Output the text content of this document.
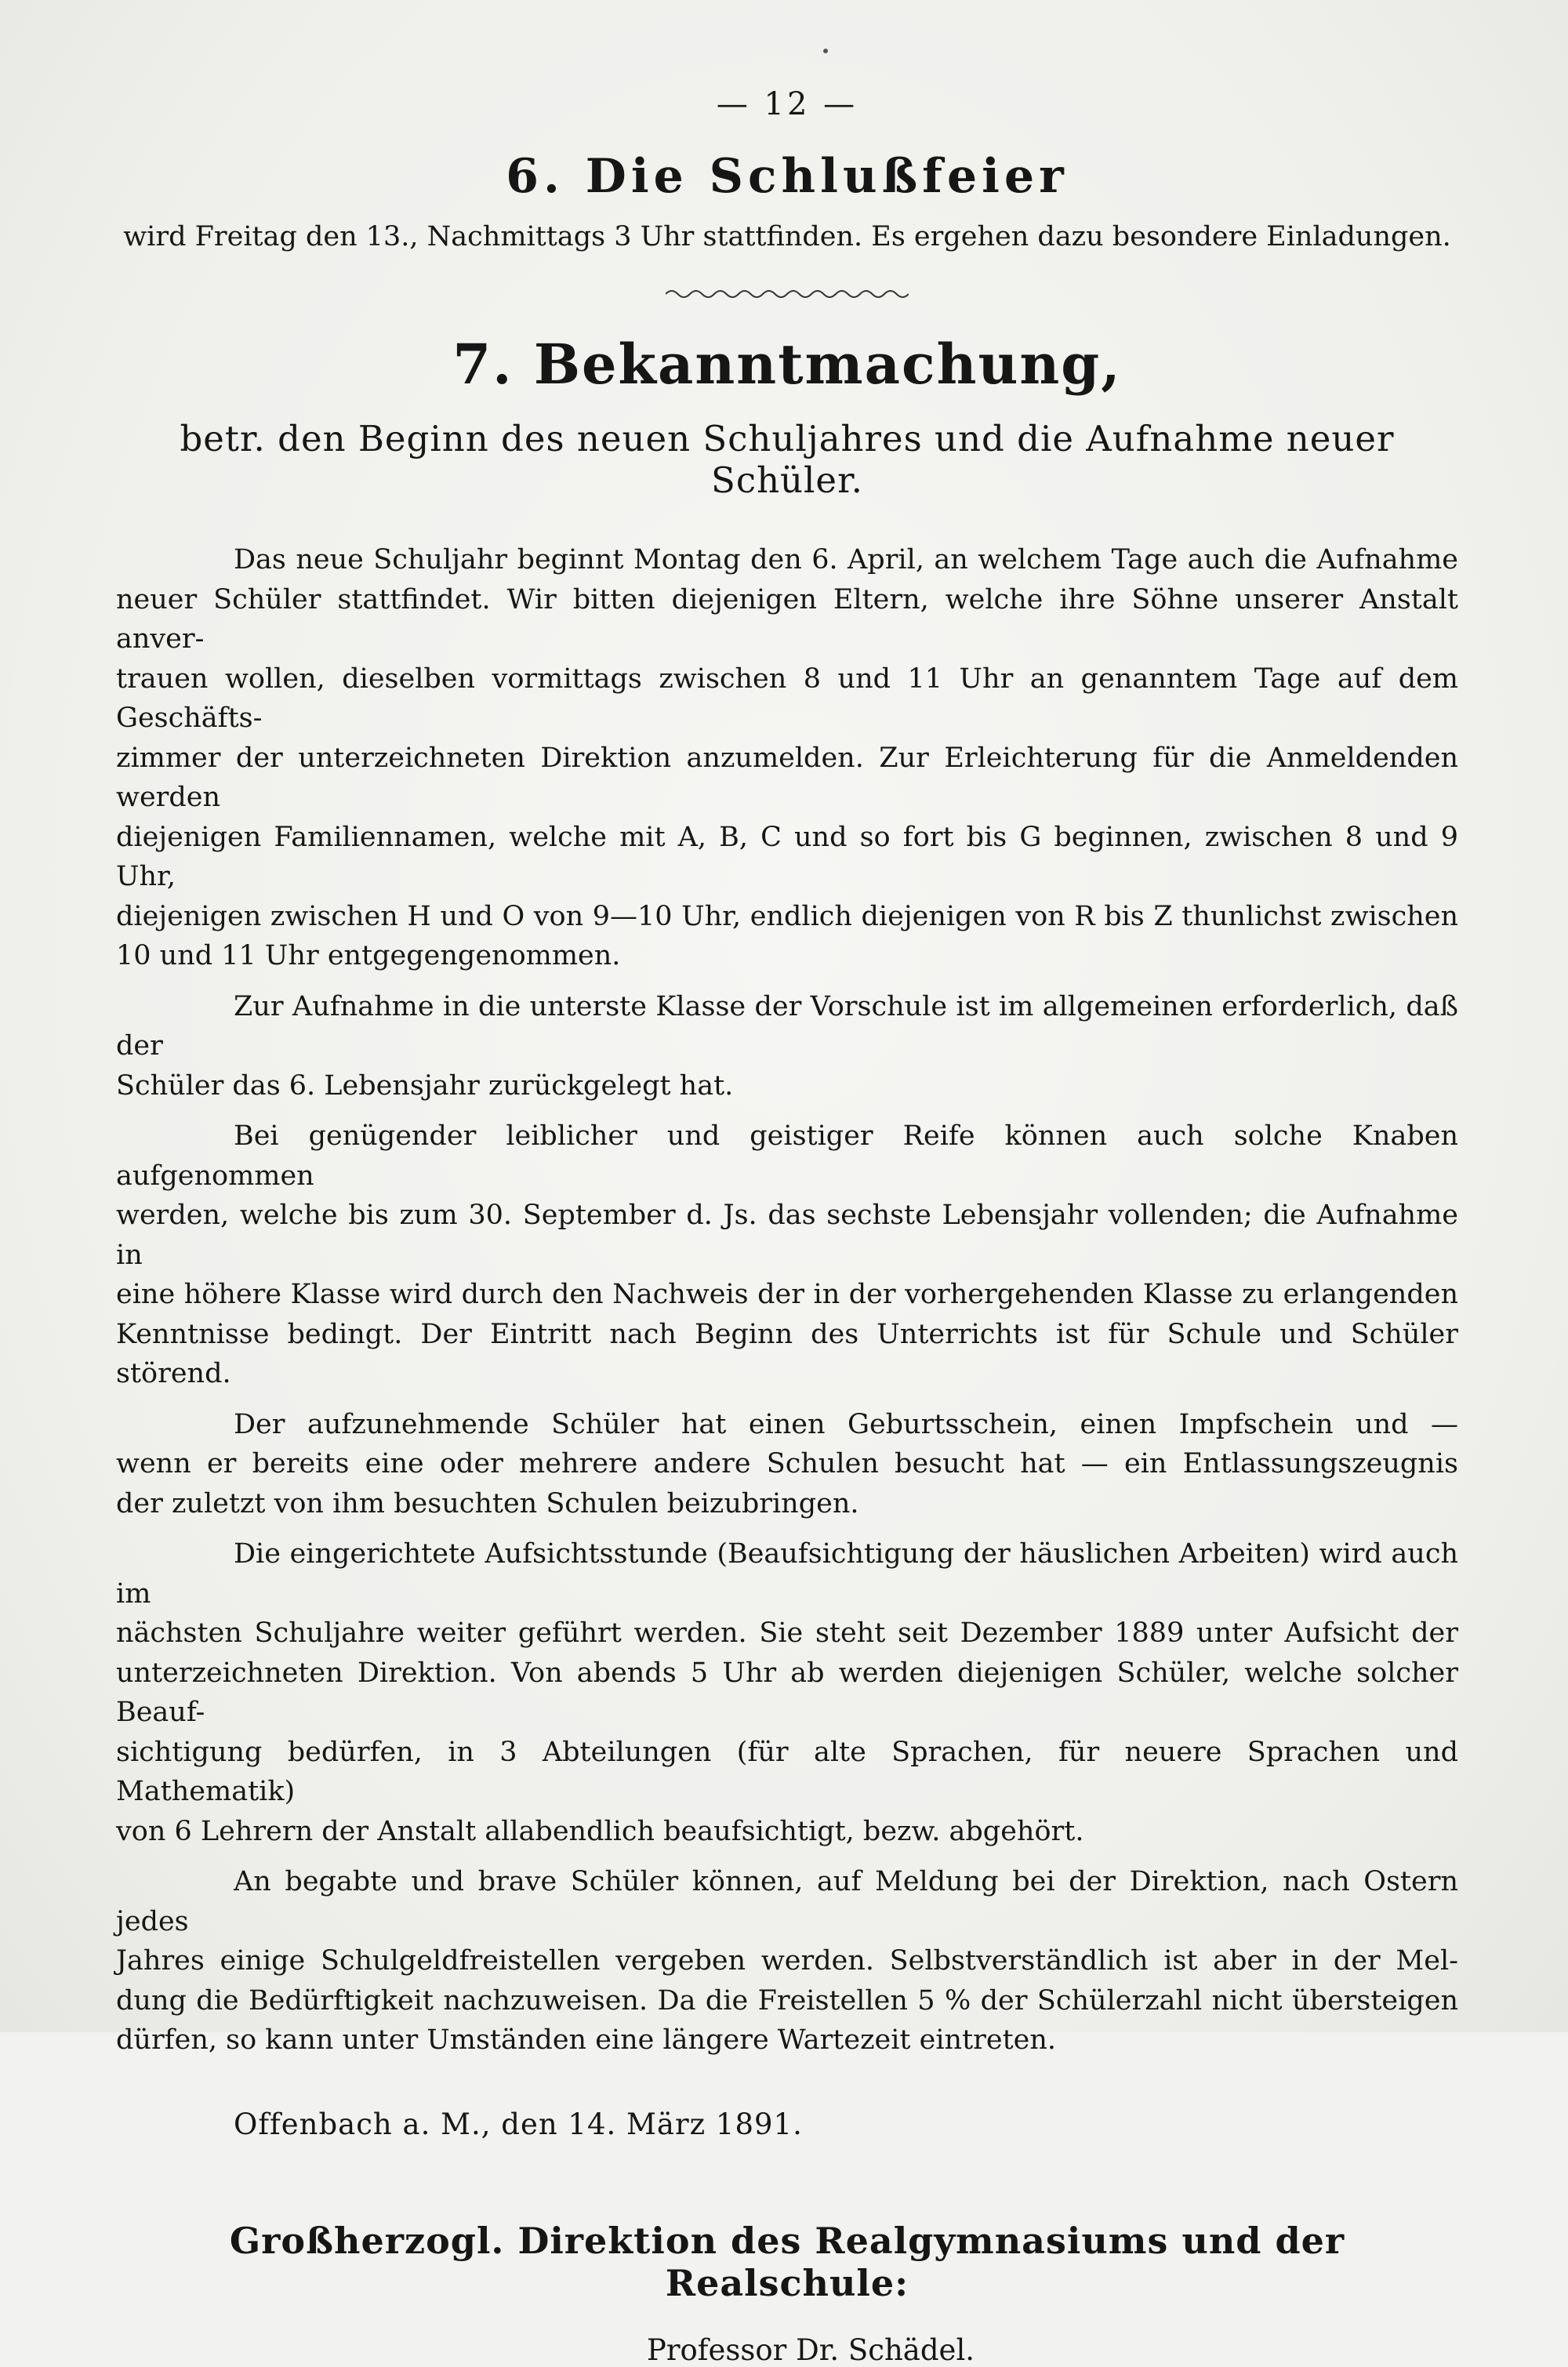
— 12 —
6. Die Schlußfeier

wird Freitag den 13., Nachmittags 3 Uhr stattfinden. Es ergehen dazu besondere Einladungen.

7. Bekanntmachung,

betr. den Beginn des neuen Schuljahres und die Aufnahme neuer Schüler.

Das neue Schuljahr beginnt Montag den 6. April, an welchem Tage auch die Aufnahme

neuer Schüler stattfindet. Wir bitten diejenigen Eltern, welche ihre Söhne unserer Anstalt anver-

trauen wollen, dieselben vormittags zwischen 8 und 11 Uhr an genanntem Tage auf dem Geschäfts-

zimmer der unterzeichneten Direktion anzumelden. Zur Erleichterung für die Anmeldenden werden

diejenigen Familiennamen, welche mit A, B, C und so fort bis G beginnen, zwischen 8 und 9 Uhr,

diejenigen zwischen H und O von 9—10 Uhr, endlich diejenigen von R bis Z thunlichst zwischen

10 und 11 Uhr entgegengenommen.

Zur Aufnahme in die unterste Klasse der Vorschule ist im allgemeinen erforderlich, daß der

Schüler das 6. Lebensjahr zurückgelegt hat.

Bei genügender leiblicher und geistiger Reife können auch solche Knaben aufgenommen

werden, welche bis zum 30. September d. Js. das sechste Lebensjahr vollenden; die Aufnahme in

eine höhere Klasse wird durch den Nachweis der in der vorhergehenden Klasse zu erlangenden

Kenntnisse bedingt. Der Eintritt nach Beginn des Unterrichts ist für Schule und Schüler störend.

Der aufzunehmende Schüler hat einen Geburtsschein, einen Impfschein und —

wenn er bereits eine oder mehrere andere Schulen besucht hat — ein Entlassungszeugnis

der zuletzt von ihm besuchten Schulen beizubringen.

Die eingerichtete Aufsichtsstunde (Beaufsichtigung der häuslichen Arbeiten) wird auch im

nächsten Schuljahre weiter geführt werden. Sie steht seit Dezember 1889 unter Aufsicht der

unterzeichneten Direktion. Von abends 5 Uhr ab werden diejenigen Schüler, welche solcher Beauf-

sichtigung bedürfen, in 3 Abteilungen (für alte Sprachen, für neuere Sprachen und Mathematik)

von 6 Lehrern der Anstalt allabendlich beaufsichtigt, bezw. abgehört.

An begabte und brave Schüler können, auf Meldung bei der Direktion, nach Ostern jedes

Jahres einige Schulgeldfreistellen vergeben werden. Selbstverständlich ist aber in der Mel-

dung die Bedürftigkeit nachzuweisen. Da die Freistellen 5 % der Schülerzahl nicht übersteigen

dürfen, so kann unter Umständen eine längere Wartezeit eintreten.

Offenbach a. M., den 14. März 1891.

Großherzogl. Direktion des Realgymnasiums und der Realschule:

Professor Dr. Schädel.
